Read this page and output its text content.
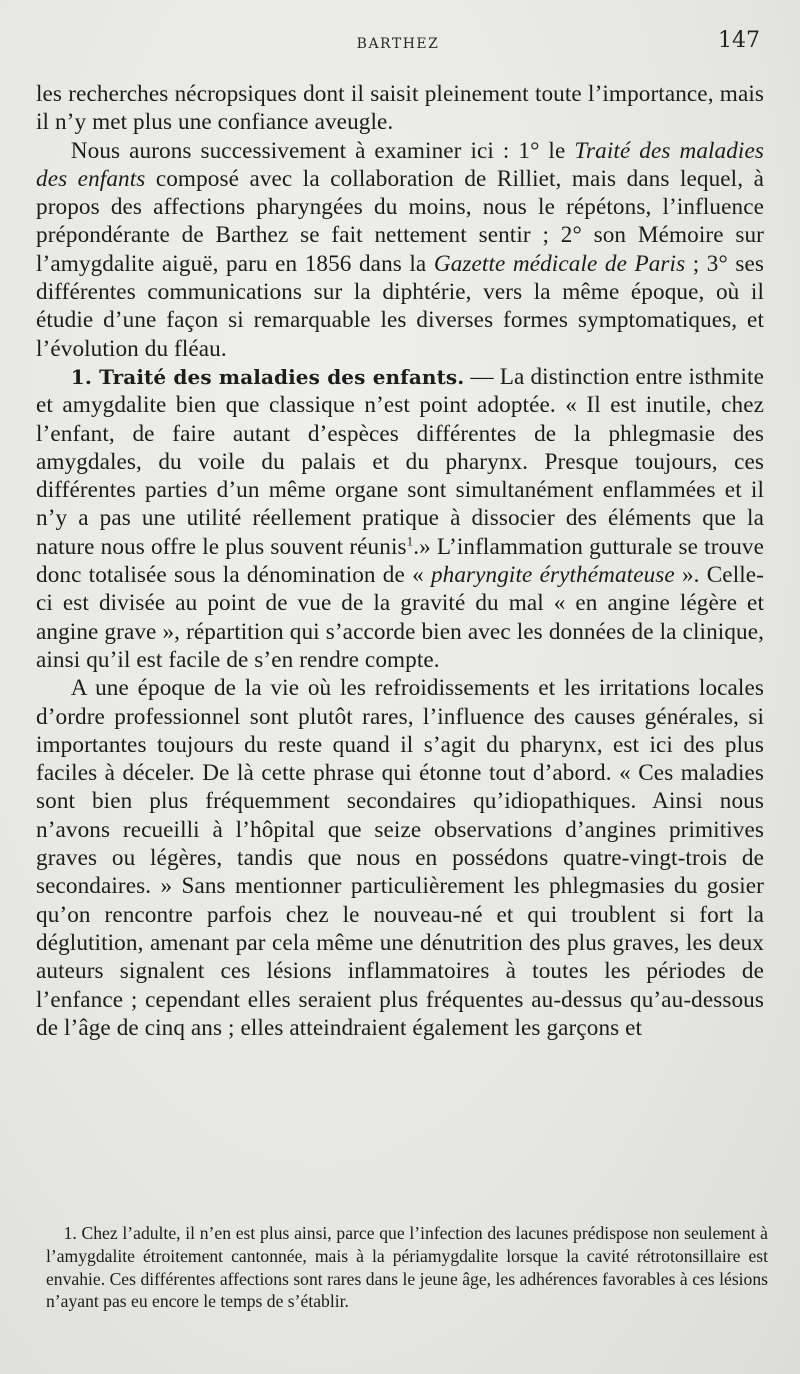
BARTHEZ	147

les recherches nécropsiques dont il saisit pleinement toute l’importance, mais il n’y met plus une confiance aveugle.

Nous aurons successivement à examiner ici : 1° le Traité des maladies des enfants composé avec la collaboration de Rilliet, mais dans lequel, à propos des affections pharyngées du moins, nous le répétons, l’influence prépondérante de Barthez se fait nettement sentir ; 2° son Mémoire sur l’amygdalite aiguë, paru en 1856 dans la Gazette médicale de Paris ; 3° ses différentes communications sur la diphtérie, vers la même époque, où il étudie d’une façon si remarquable les diverses formes symptomatiques, et l’évolution du fléau.

1. Traité des maladies des enfants. — La distinction entre isthmite et amygdalite bien que classique n’est point adoptée. « Il est inutile, chez l’enfant, de faire autant d’espèces différentes de la phlegmasie des amygdales, du voile du palais et du pharynx. Presque toujours, ces différentes parties d’un même organe sont simultanément enflammées et il n’y a pas une utilité réellement pratique à dissocier des éléments que la nature nous offre le plus souvent réunis$^1$.» L’inflammation gutturale se trouve donc totalisée sous la dénomination de « pharyngite érythémateuse ». Celle-ci est divisée au point de vue de la gravité du mal « en angine légère et angine grave », répartition qui s’accorde bien avec les données de la clinique, ainsi qu’il est facile de s’en rendre compte.

A une époque de la vie où les refroidissements et les irritations locales d’ordre professionnel sont plutôt rares, l’influence des causes générales, si importantes toujours du reste quand il s’agit du pharynx, est ici des plus faciles à déceler. De là cette phrase qui étonne tout d’abord. « Ces maladies sont bien plus fréquemment secondaires qu’idiopathiques. Ainsi nous n’avons recueilli à l’hôpital que seize observations d’angines primitives graves ou légères, tandis que nous en possédons quatre-vingt-trois de secondaires. » Sans mentionner particulièrement les phlegmasies du gosier qu’on rencontre parfois chez le nouveau-né et qui troublent si fort la déglutition, amenant par cela même une dénutrition des plus graves, les deux auteurs signalent ces lésions inflammatoires à toutes les périodes de l’enfance ; cependant elles seraient plus fréquentes au-dessus qu’au-dessous de l’âge de cinq ans ; elles atteindraient également les garçons et

1. Chez l’adulte, il n’en est plus ainsi, parce que l’infection des lacunes prédispose non seulement à l’amygdalite étroitement cantonnée, mais à la périamygdalite lorsque la cavité rétrotonsillaire est envahie. Ces différentes affections sont rares dans le jeune âge, les adhérences favorables à ces lésions n’ayant pas eu encore le temps de s’établir.
